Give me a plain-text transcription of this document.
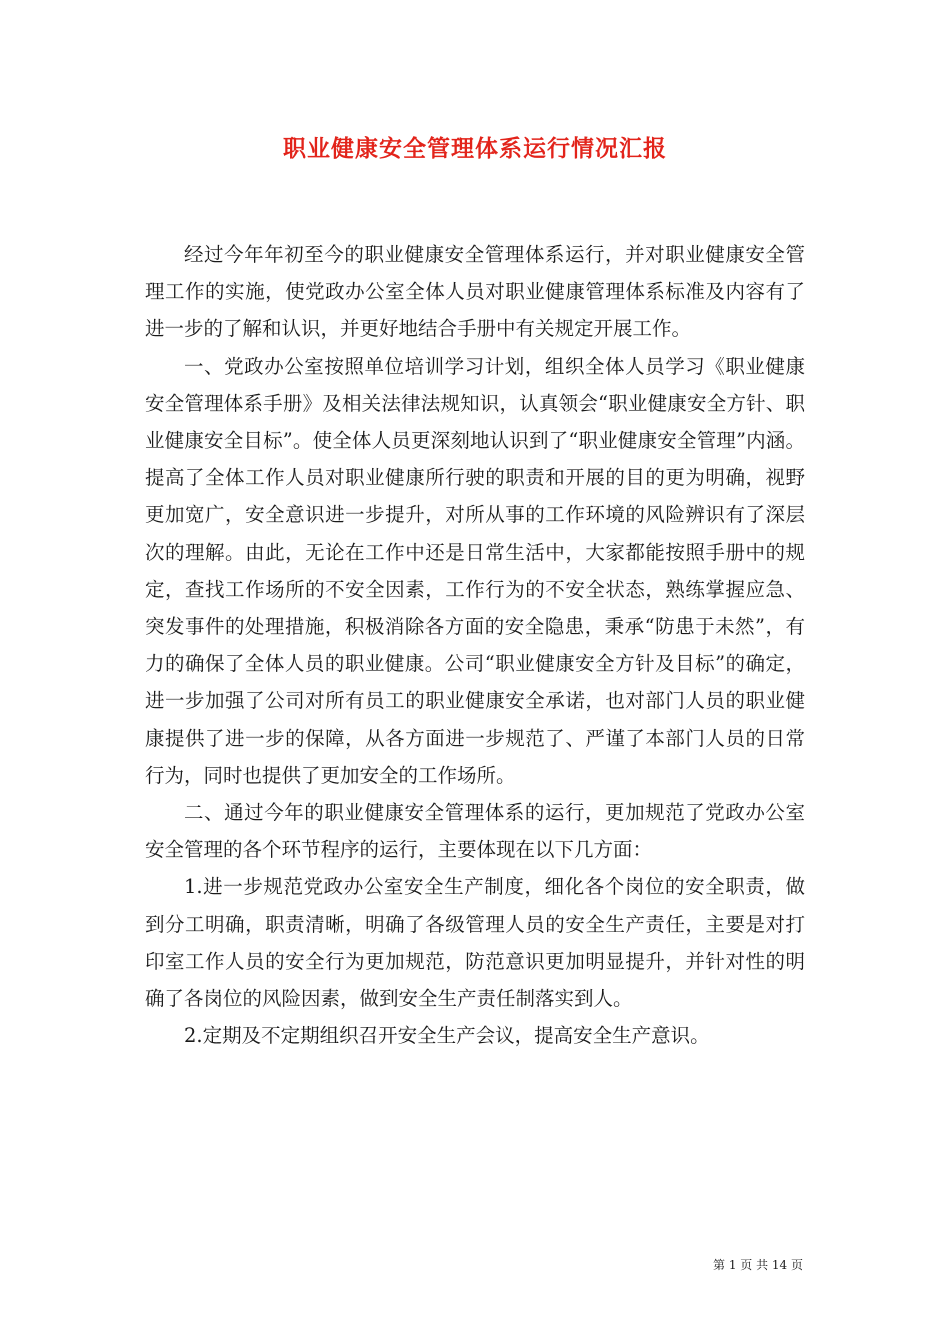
职业健康安全管理体系运行情况汇报

经过今年年初至今的职业健康安全管理体系运行，并对职业健康安全管理工作的实施，使党政办公室全体人员对职业健康管理体系标准及内容有了进一步的了解和认识，并更好地结合手册中有关规定开展工作。

一、党政办公室按照单位培训学习计划，组织全体人员学习《职业健康安全管理体系手册》及相关法律法规知识，认真领会“职业健康安全方针、职业健康安全目标”。使全体人员更深刻地认识到了“职业健康安全管理”内涵。提高了全体工作人员对职业健康所行驶的职责和开展的目的更为明确，视野更加宽广，安全意识进一步提升，对所从事的工作环境的风险辨识有了深层次的理解。由此，无论在工作中还是日常生活中，大家都能按照手册中的规定，查找工作场所的不安全因素，工作行为的不安全状态，熟练掌握应急、突发事件的处理措施，积极消除各方面的安全隐患，秉承“防患于未然”，有力的确保了全体人员的职业健康。公司“职业健康安全方针及目标”的确定，进一步加强了公司对所有员工的职业健康安全承诺，也对部门人员的职业健康提供了进一步的保障，从各方面进一步规范了、严谨了本部门人员的日常行为，同时也提供了更加安全的工作场所。

二、通过今年的职业健康安全管理体系的运行，更加规范了党政办公室安全管理的各个环节程序的运行，主要体现在以下几方面：

1.进一步规范党政办公室安全生产制度，细化各个岗位的安全职责，做到分工明确，职责清晰，明确了各级管理人员的安全生产责任，主要是对打印室工作人员的安全行为更加规范，防范意识更加明显提升，并针对性的明确了各岗位的风险因素，做到安全生产责任制落实到人。

2.定期及不定期组织召开安全生产会议，提高安全生产意识。

第 1 页 共 14 页
